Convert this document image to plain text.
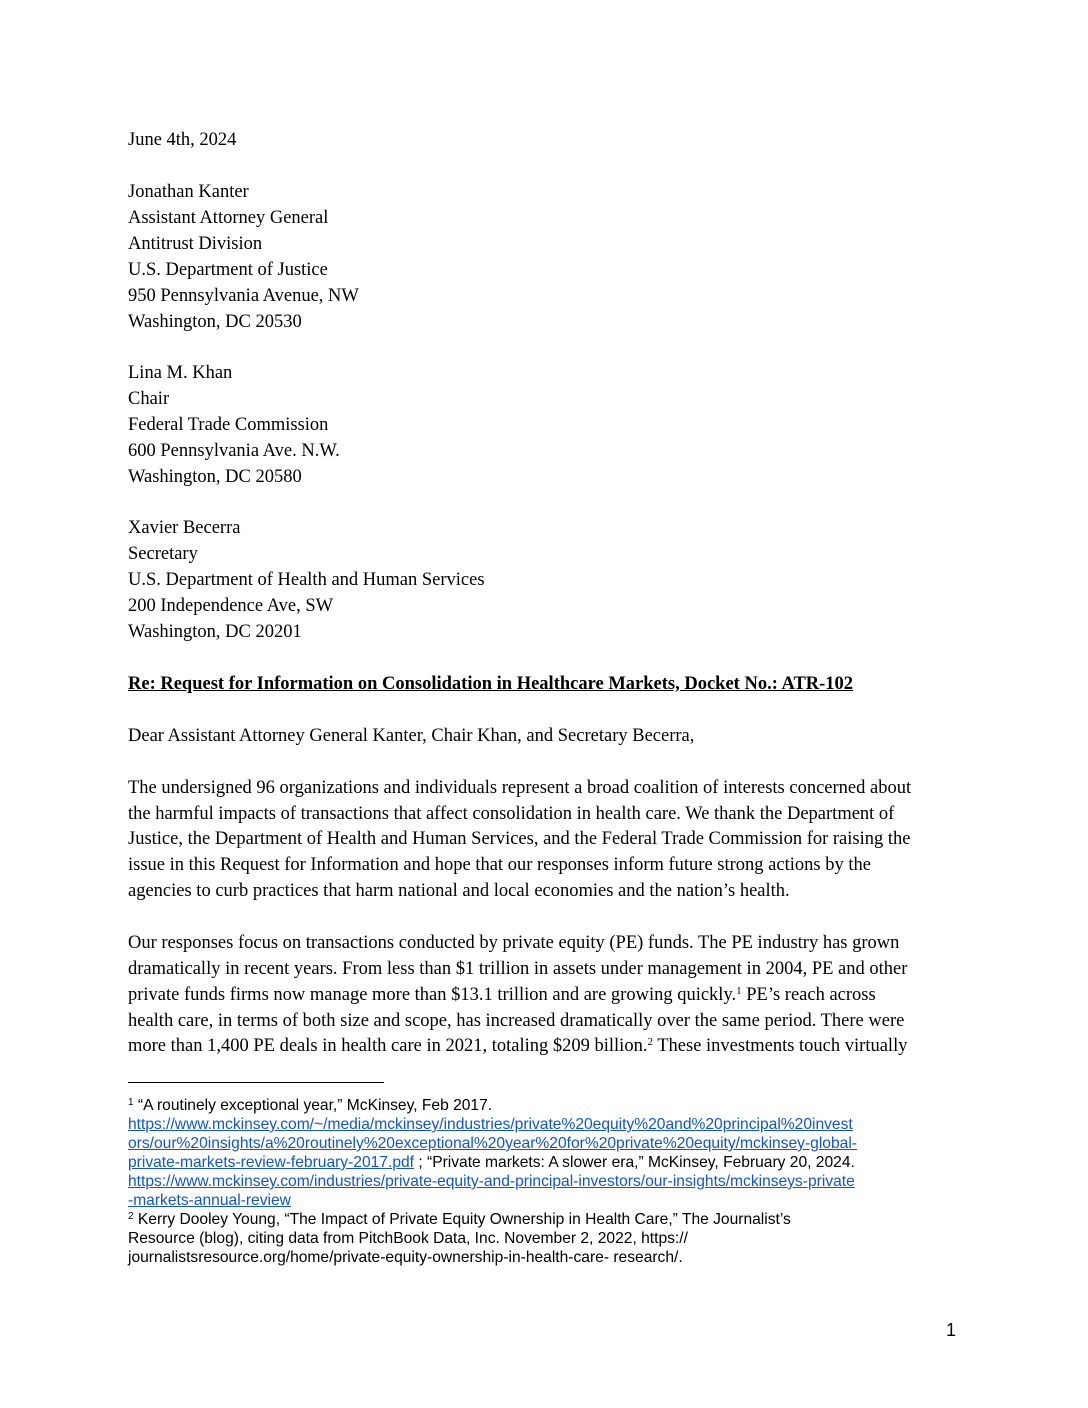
June 4th, 2024
Jonathan Kanter
Assistant Attorney General
Antitrust Division
U.S. Department of Justice
950 Pennsylvania Avenue, NW
Washington, DC 20530
Lina M. Khan
Chair
Federal Trade Commission
600 Pennsylvania Ave. N.W.
Washington, DC 20580
Xavier Becerra
Secretary
U.S. Department of Health and Human Services
200 Independence Ave, SW
Washington, DC 20201
Re: Request for Information on Consolidation in Healthcare Markets, Docket No.: ATR-102
Dear Assistant Attorney General Kanter, Chair Khan, and Secretary Becerra,
The undersigned 96 organizations and individuals represent a broad coalition of interests concerned about
the harmful impacts of transactions that affect consolidation in health care. We thank the Department of
Justice, the Department of Health and Human Services, and the Federal Trade Commission for raising the
issue in this Request for Information and hope that our responses inform future strong actions by the
agencies to curb practices that harm national and local economies and the nation’s health.
Our responses focus on transactions conducted by private equity (PE) funds. The PE industry has grown
dramatically in recent years. From less than $1 trillion in assets under management in 2004, PE and other
private funds firms now manage more than $13.1 trillion and are growing quickly.$^1$ PE’s reach across
health care, in terms of both size and scope, has increased dramatically over the same period. There were
more than 1,400 PE deals in health care in 2021, totaling $209 billion.$^2$ These investments touch virtually
$^1$ “A routinely exceptional year,” McKinsey, Feb 2017.
https://www.mckinsey.com/~/media/mckinsey/industries/private%20equity%20and%20principal%20invest
ors/our%20insights/a%20routinely%20exceptional%20year%20for%20private%20equity/mckinsey-global-
private-markets-review-february-2017.pdf ; “Private markets: A slower era,” McKinsey, February 20, 2024.
https://www.mckinsey.com/industries/private-equity-and-principal-investors/our-insights/mckinseys-private
-markets-annual-review
$^2$ Kerry Dooley Young, “The Impact of Private Equity Ownership in Health Care,” The Journalist’s
Resource (blog), citing data from PitchBook Data, Inc. November 2, 2022, https://
journalistsresource.org/home/private-equity-ownership-in-health-care- research/.
1
